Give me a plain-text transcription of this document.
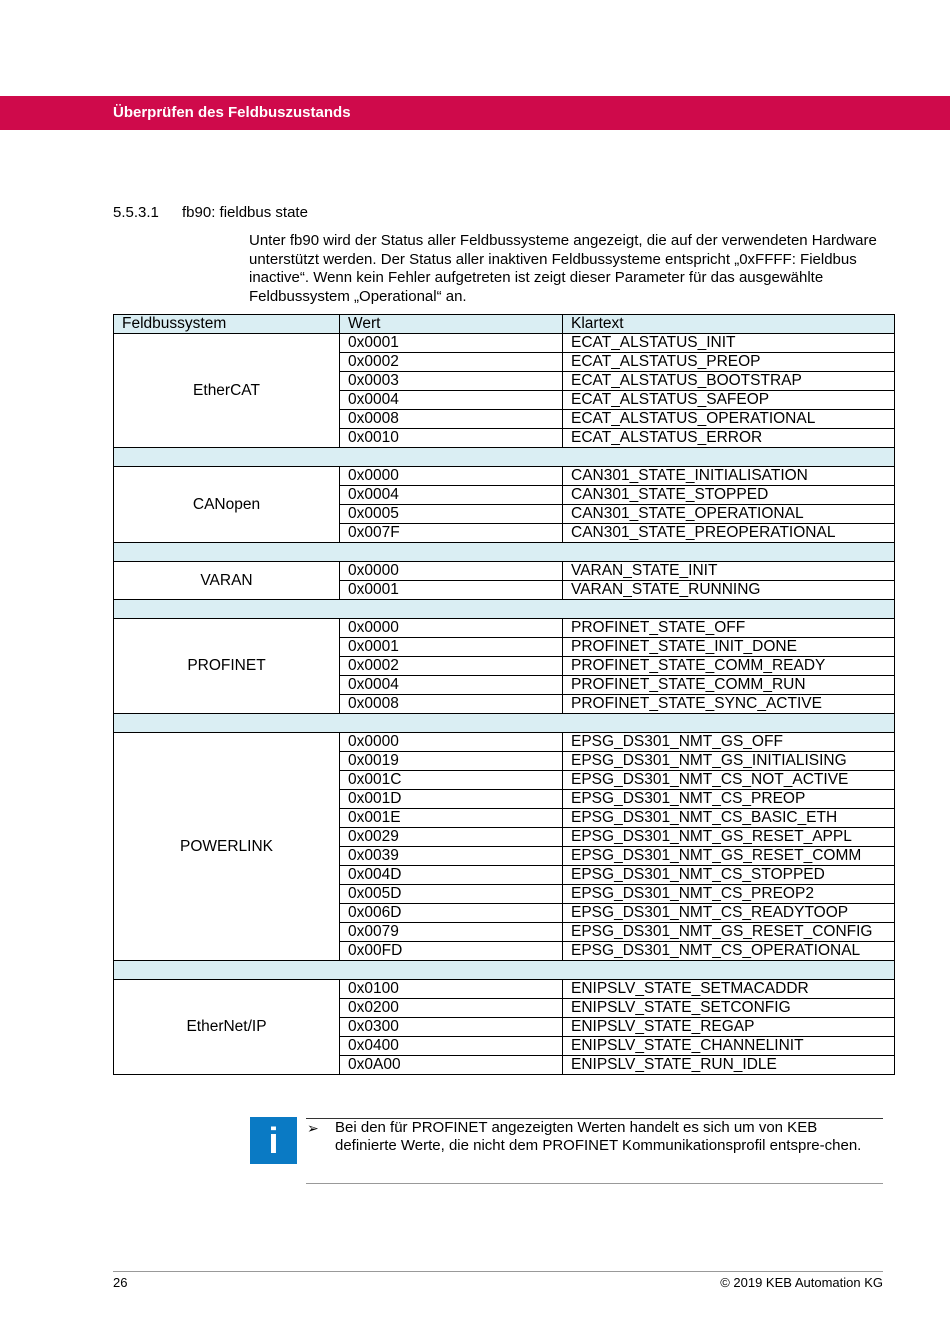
Überprüfen des Feldbuszustands
5.5.3.1 fb90: fieldbus state
Unter fb90 wird der Status aller Feldbussysteme angezeigt, die auf der verwendeten Hardware unterstützt werden. Der Status aller inaktiven Feldbussysteme entspricht „0xFFFF: Fieldbus inactive“. Wenn kein Fehler aufgetreten ist zeigt dieser Parameter für das ausgewählte Feldbussystem „Operational“ an.
Feldbussystem	Wert	Klartext
EtherCAT	0x0001	ECAT_ALSTATUS_INIT
	0x0002	ECAT_ALSTATUS_PREOP
	0x0003	ECAT_ALSTATUS_BOOTSTRAP
	0x0004	ECAT_ALSTATUS_SAFEOP
	0x0008	ECAT_ALSTATUS_OPERATIONAL
	0x0010	ECAT_ALSTATUS_ERROR

CANopen	0x0000	CAN301_STATE_INITIALISATION
	0x0004	CAN301_STATE_STOPPED
	0x0005	CAN301_STATE_OPERATIONAL
	0x007F	CAN301_STATE_PREOPERATIONAL

VARAN	0x0000	VARAN_STATE_INIT
	0x0001	VARAN_STATE_RUNNING

PROFINET	0x0000	PROFINET_STATE_OFF
	0x0001	PROFINET_STATE_INIT_DONE
	0x0002	PROFINET_STATE_COMM_READY
	0x0004	PROFINET_STATE_COMM_RUN
	0x0008	PROFINET_STATE_SYNC_ACTIVE

POWERLINK	0x0000	EPSG_DS301_NMT_GS_OFF
	0x0019	EPSG_DS301_NMT_GS_INITIALISING
	0x001C	EPSG_DS301_NMT_CS_NOT_ACTIVE
	0x001D	EPSG_DS301_NMT_CS_PREOP
	0x001E	EPSG_DS301_NMT_CS_BASIC_ETH
	0x0029	EPSG_DS301_NMT_GS_RESET_APPL
	0x0039	EPSG_DS301_NMT_GS_RESET_COMM
	0x004D	EPSG_DS301_NMT_CS_STOPPED
	0x005D	EPSG_DS301_NMT_CS_PREOP2
	0x006D	EPSG_DS301_NMT_CS_READYTOOP
	0x0079	EPSG_DS301_NMT_GS_RESET_CONFIG
	0x00FD	EPSG_DS301_NMT_CS_OPERATIONAL

EtherNet/IP	0x0100	ENIPSLV_STATE_SETMACADDR
	0x0200	ENIPSLV_STATE_SETCONFIG
	0x0300	ENIPSLV_STATE_REGAP
	0x0400	ENIPSLV_STATE_CHANNELINIT
	0x0A00	ENIPSLV_STATE_RUN_IDLE
i	➢ Bei den für PROFINET angezeigten Werten handelt es sich um von KEB definierte Werte, die nicht dem PROFINET Kommunikationsprofil entspre-chen.
26	© 2019 KEB Automation KG
